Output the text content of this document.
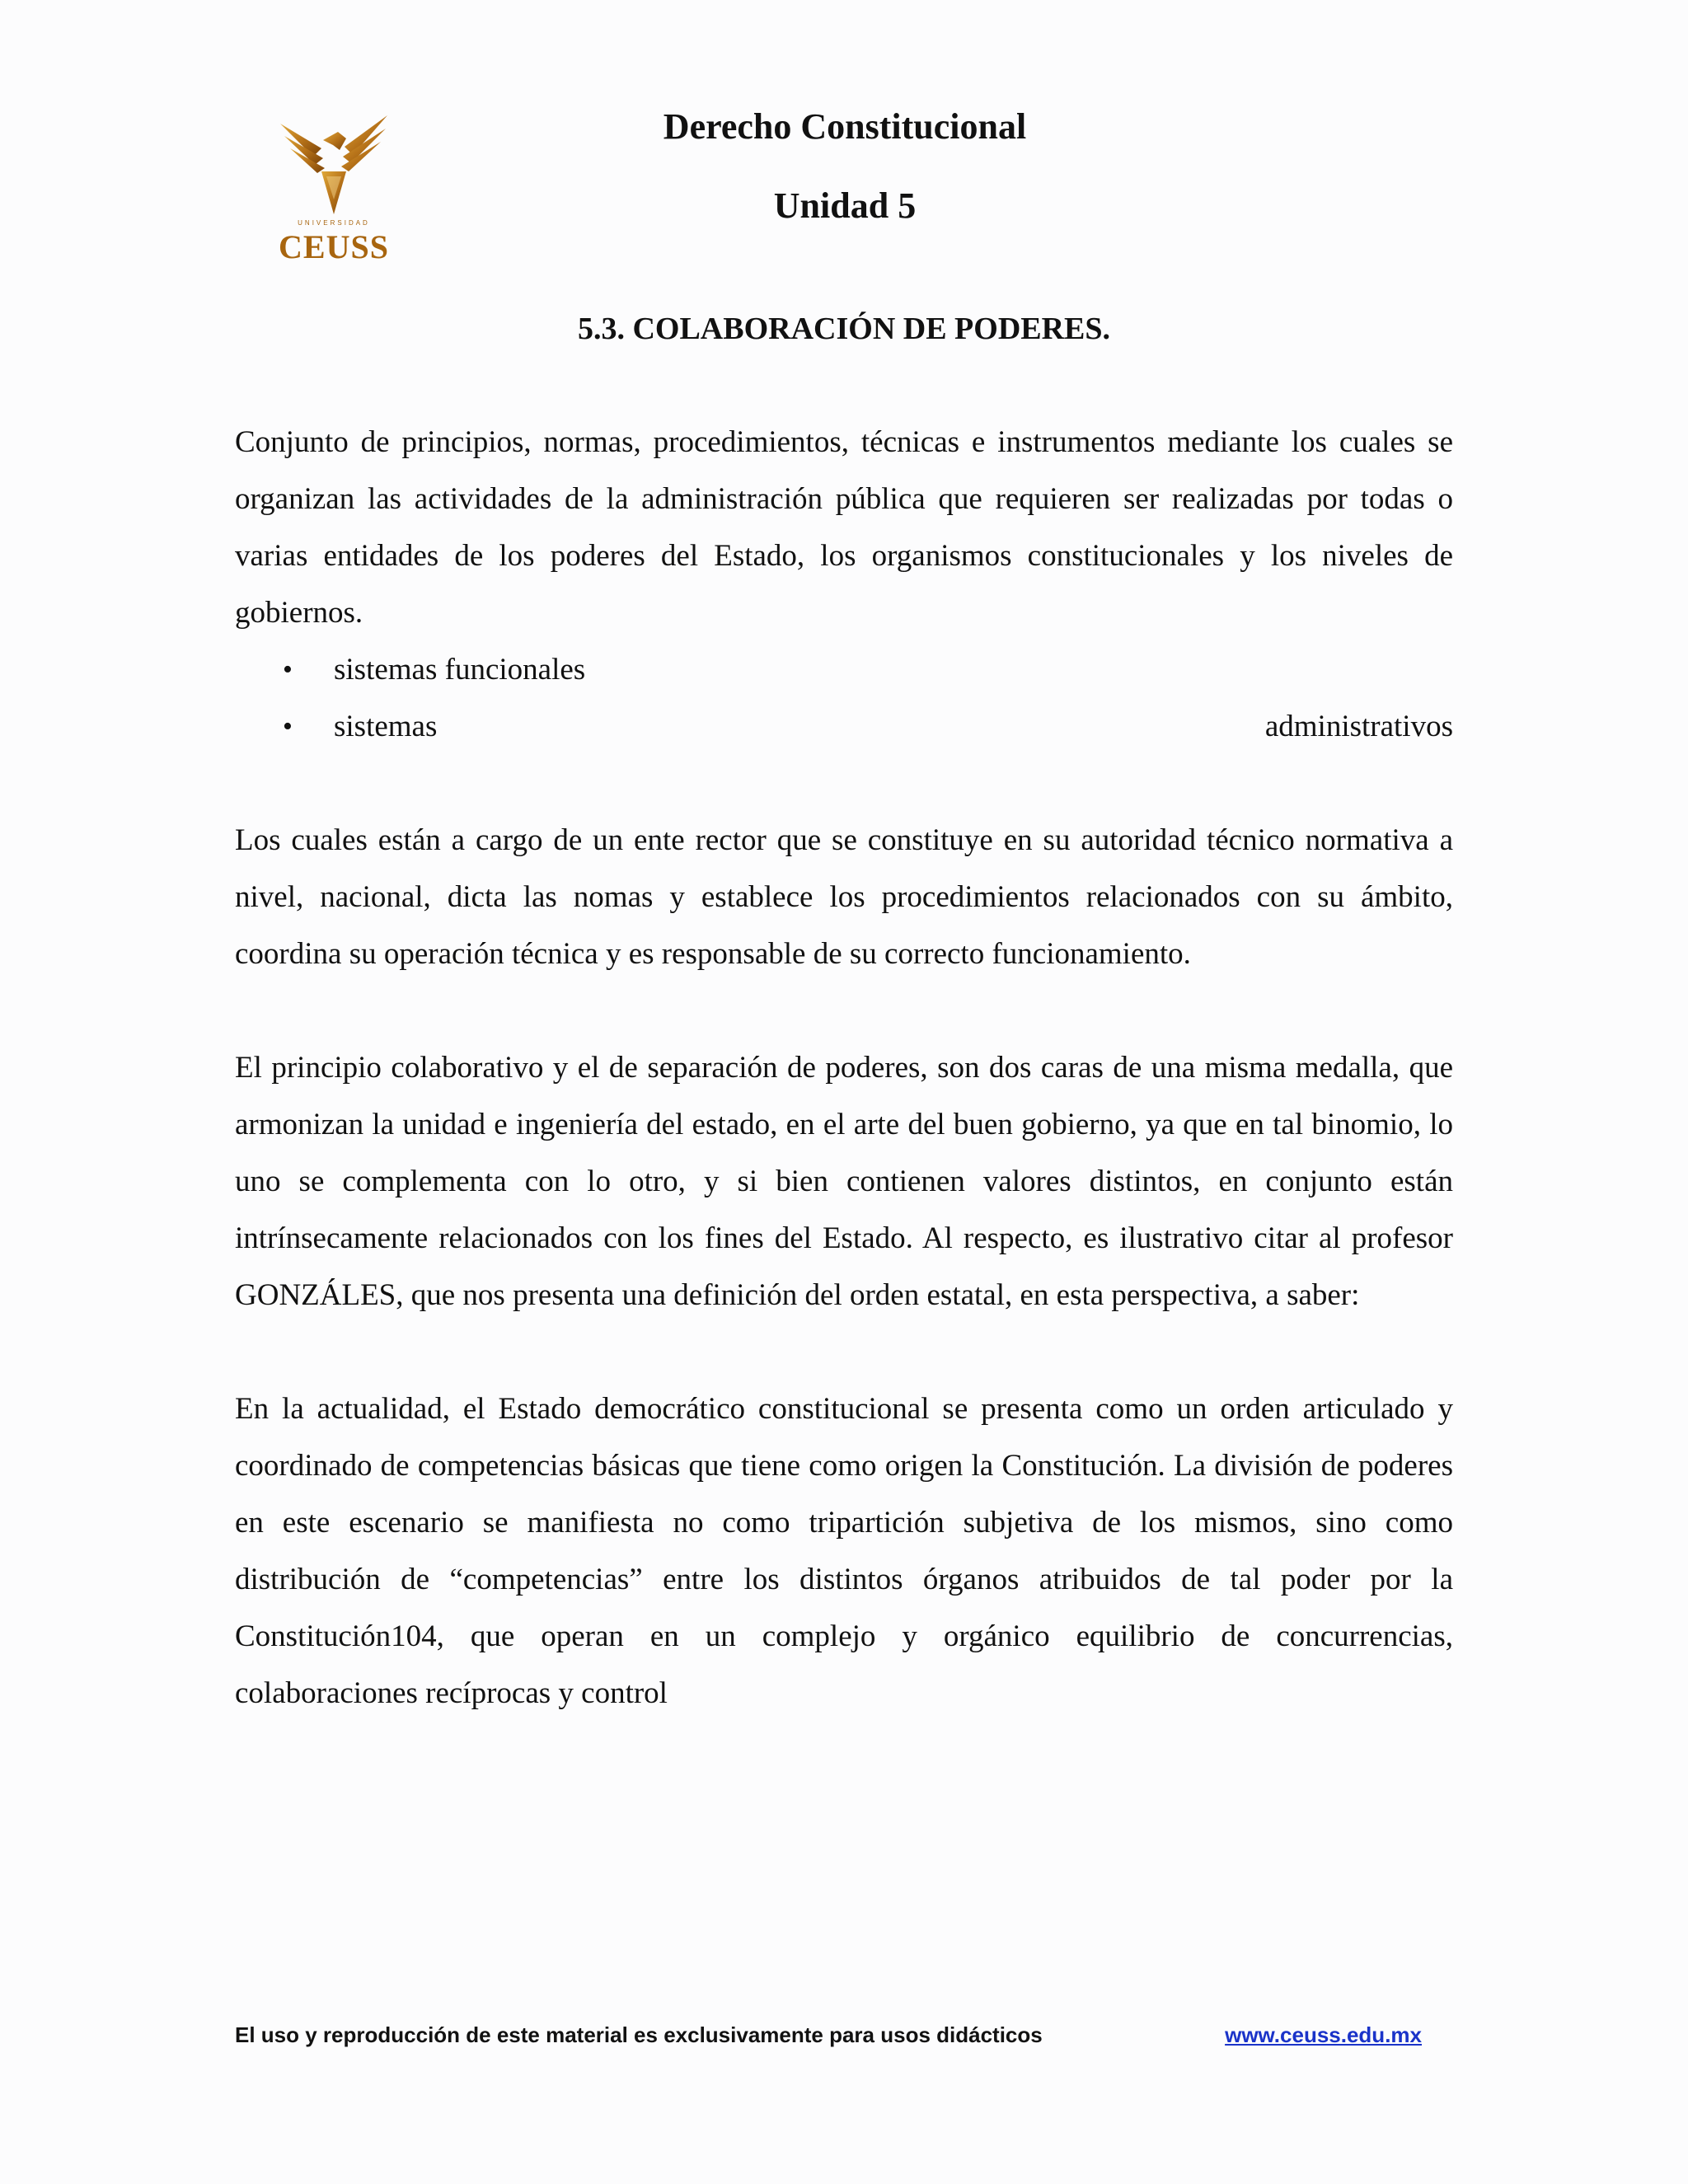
UNIVERSIDAD
CEUSS
Derecho Constitucional
Unidad 5
5.3. COLABORACIÓN DE PODERES.

Conjunto de principios, normas, procedimientos, técnicas e instrumentos mediante los cuales se organizan las actividades de la administración pública que requieren ser realizadas por todas o varias entidades de los poderes del Estado, los organismos constitucionales y los niveles de gobiernos.

• sistemas funcionales
• sistemas	administrativos

Los cuales están a cargo de un ente rector que se constituye en su autoridad técnico normativa a nivel, nacional, dicta las nomas y establece los procedimientos relacionados con su ámbito, coordina su operación técnica y es responsable de su correcto funcionamiento.

El principio colaborativo y el de separación de poderes, son dos caras de una misma medalla, que armonizan la unidad e ingeniería del estado, en el arte del buen gobierno, ya que en tal binomio, lo uno se complementa con lo otro, y si bien contienen valores distintos, en conjunto están intrínsecamente relacionados con los fines del Estado. Al respecto, es ilustrativo citar al profesor GONZÁLES, que nos presenta una definición del orden estatal, en esta perspectiva, a saber:

En la actualidad, el Estado democrático constitucional se presenta como un orden articulado y coordinado de competencias básicas que tiene como origen la Constitución. La división de poderes en este escenario se manifiesta no como tripartición subjetiva de los mismos, sino como distribución de “competencias” entre los distintos órganos atribuidos de tal poder por la Constitución104, que operan en un complejo y orgánico equilibrio de concurrencias, colaboraciones recíprocas y control

El uso y reproducción de este material es exclusivamente para usos didácticos	www.ceuss.edu.mx
